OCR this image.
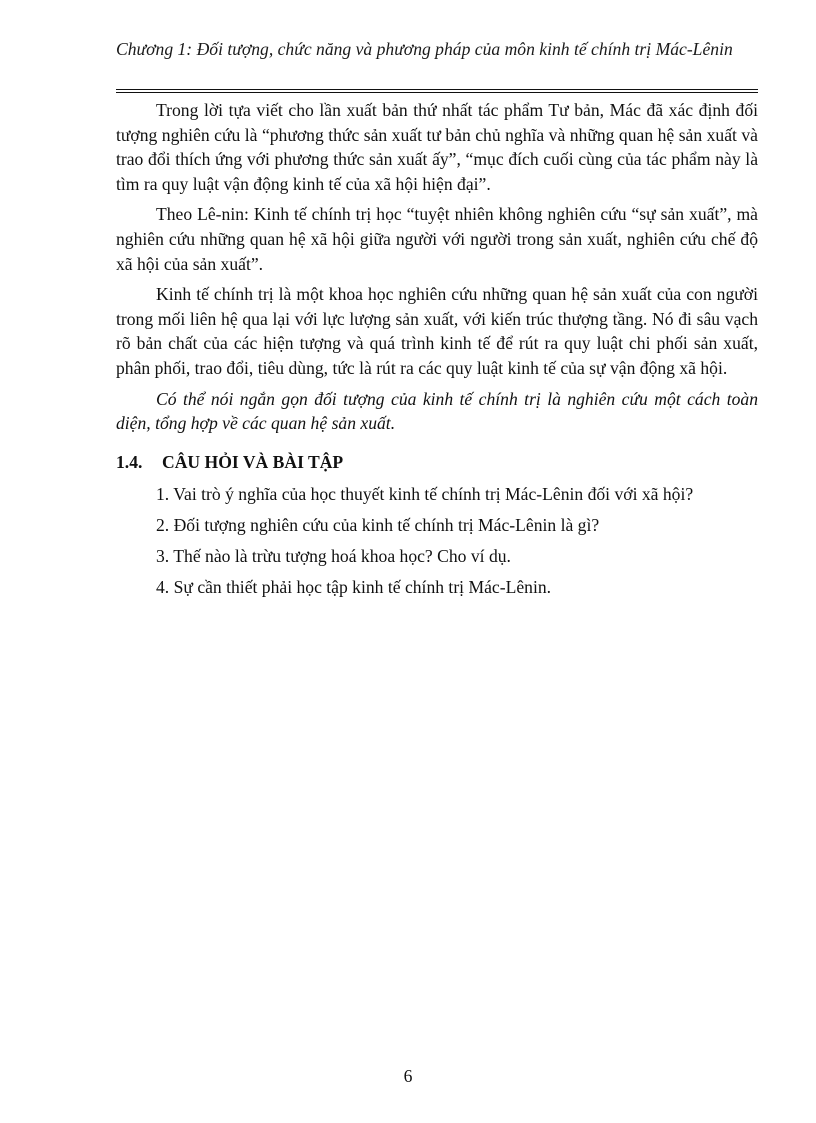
Chương 1: Đối tượng, chức năng và phương pháp của môn kinh tế chính trị Mác-Lênin

Trong lời tựa viết cho lần xuất bản thứ nhất tác phẩm Tư bản, Mác đã xác định đối tượng nghiên cứu là “phương thức sản xuất tư bản chủ nghĩa và những quan hệ sản xuất và trao đổi thích ứng với phương thức sản xuất ấy”, “mục đích cuối cùng của tác phẩm này là tìm ra quy luật vận động kinh tế của xã hội hiện đại”.

Theo Lê-nin: Kinh tế chính trị học “tuyệt nhiên không nghiên cứu “sự sản xuất”, mà nghiên cứu những quan hệ xã hội giữa người với người trong sản xuất, nghiên cứu chế độ xã hội của sản xuất”.

Kinh tế chính trị là một khoa học nghiên cứu những quan hệ sản xuất của con người trong mối liên hệ qua lại với lực lượng sản xuất, với kiến trúc thượng tầng. Nó đi sâu vạch rõ bản chất của các hiện tượng và quá trình kinh tế để rút ra quy luật chi phối sản xuất, phân phối, trao đổi, tiêu dùng, tức là rút ra các quy luật kinh tế của sự vận động xã hội.

Có thể nói ngắn gọn đối tượng của kinh tế chính trị là nghiên cứu một cách toàn diện, tổng hợp về các quan hệ sản xuất.

1.4.	CÂU HỎI VÀ BÀI TẬP
1. Vai trò ý nghĩa của học thuyết kinh tế chính trị Mác-Lênin đối với xã hội?
2. Đối tượng nghiên cứu của kinh tế chính trị Mác-Lênin là gì?
3. Thế nào là trừu tượng hoá khoa học? Cho ví dụ.
4. Sự cần thiết phải học tập kinh tế chính trị Mác-Lênin.
6
